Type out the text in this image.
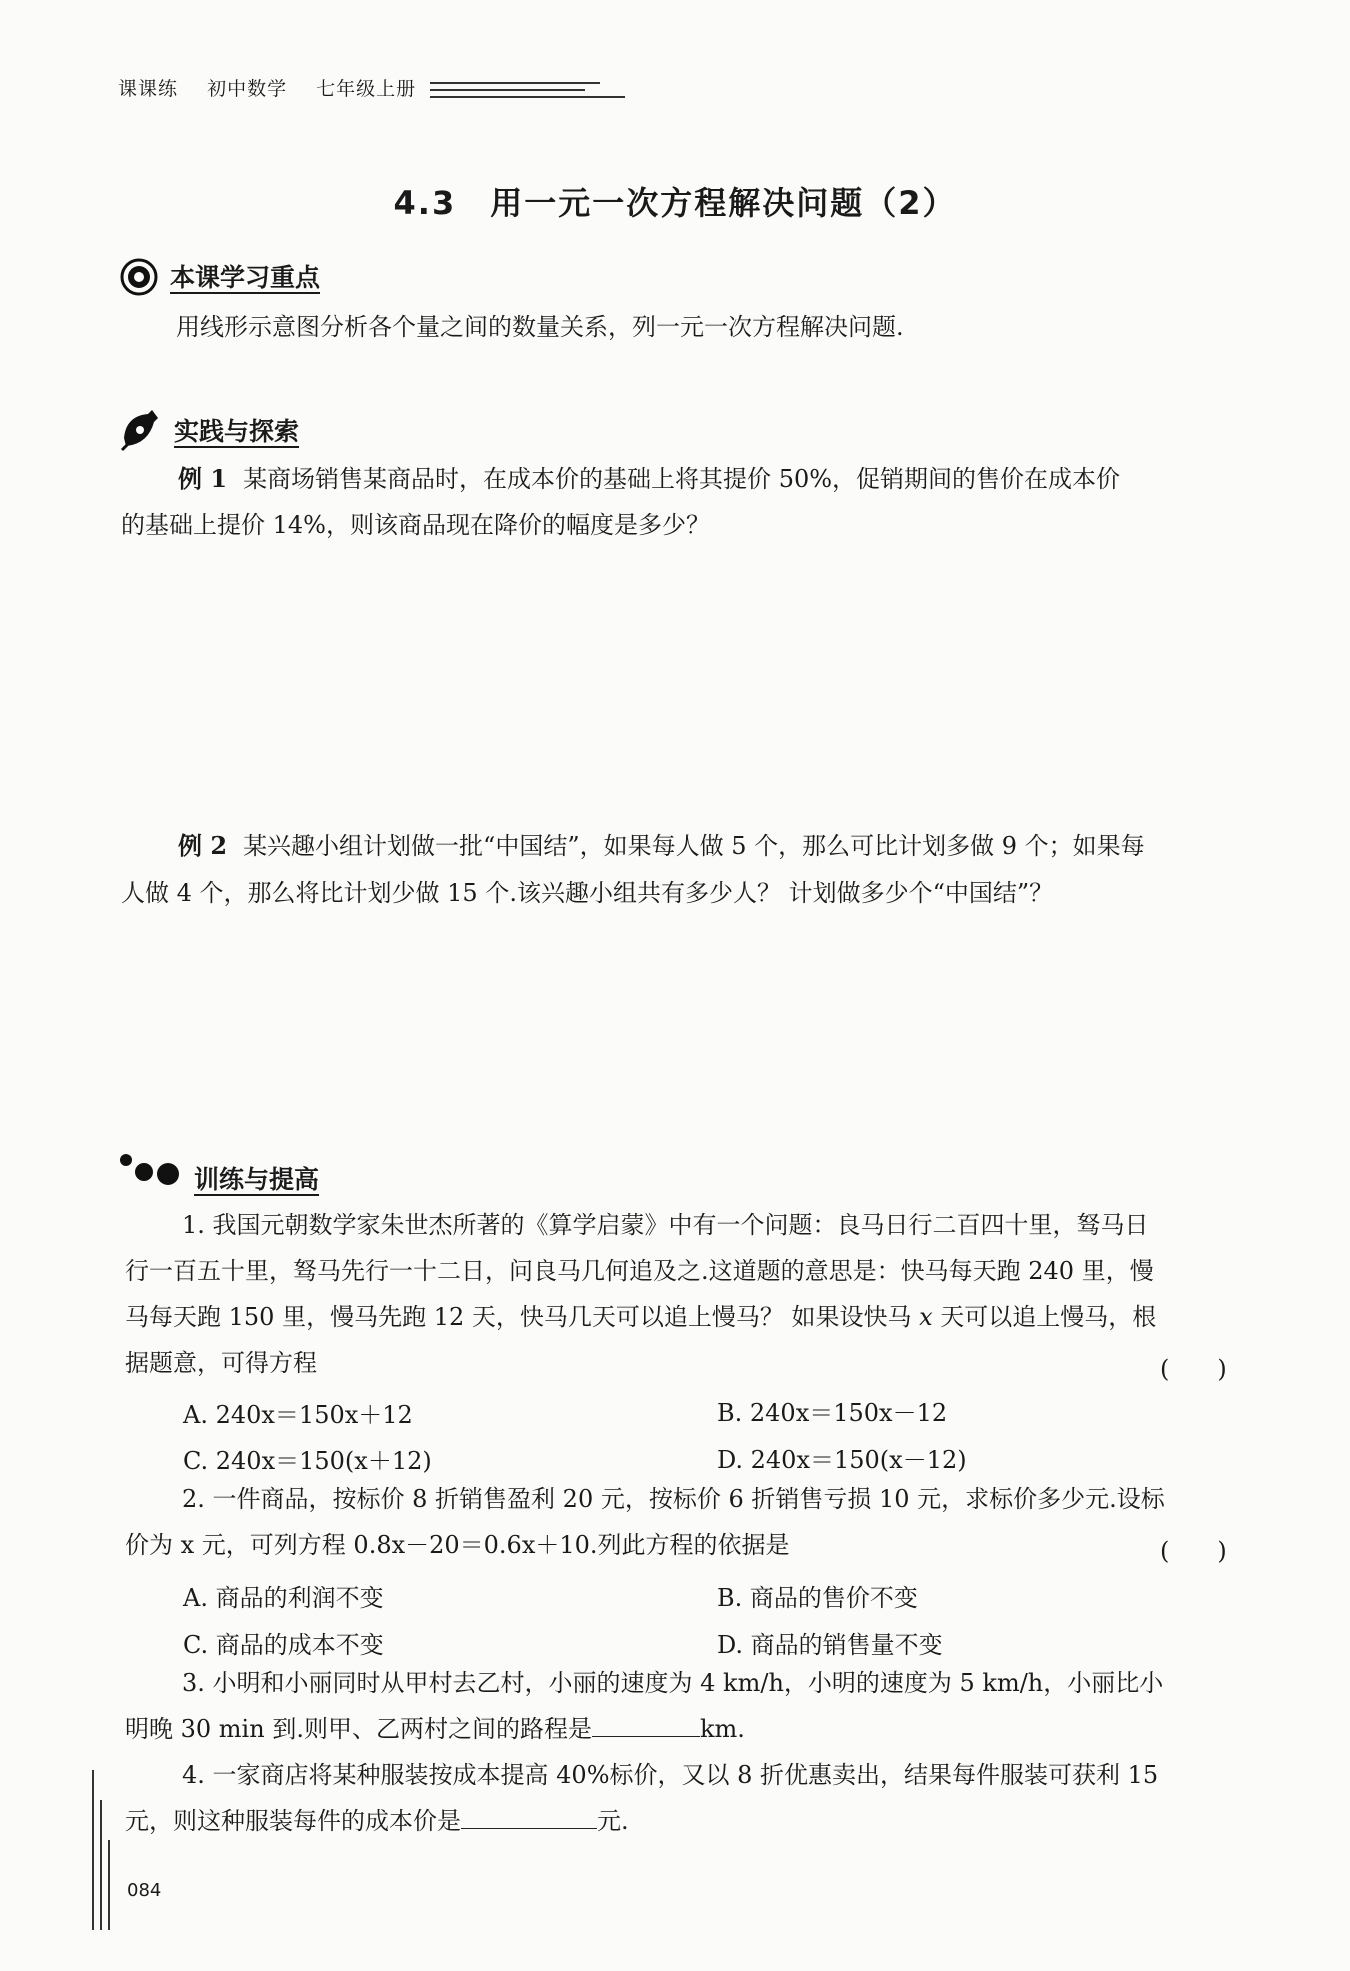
课课练 初中数学 七年级上册
4.3　用一元一次方程解决问题（2）
本课学习重点
用线形示意图分析各个量之间的数量关系，列一元一次方程解决问题.
实践与探索
例 1 某商场销售某商品时，在成本价的基础上将其提价 50%，促销期间的售价在成本价
的基础上提价 14%，则该商品现在降价的幅度是多少？
例 2 某兴趣小组计划做一批“中国结”，如果每人做 5 个，那么可比计划多做 9 个；如果每
人做 4 个，那么将比计划少做 15 个.该兴趣小组共有多少人？ 计划做多少个“中国结”？
训练与提高
1. 我国元朝数学家朱世杰所著的《算学启蒙》中有一个问题：良马日行二百四十里，驽马日
行一百五十里，驽马先行一十二日，问良马几何追及之.这道题的意思是：快马每天跑 240 里，慢
马每天跑 150 里，慢马先跑 12 天，快马几天可以追上慢马？ 如果设快马 x 天可以追上慢马，根
据题意，可得方程	(　　)
A. 240x＝150x＋12	B. 240x＝150x－12
C. 240x＝150(x＋12)	D. 240x＝150(x－12)
2. 一件商品，按标价 8 折销售盈利 20 元，按标价 6 折销售亏损 10 元，求标价多少元.设标
价为 x 元，可列方程 0.8x－20＝0.6x＋10.列此方程的依据是	(　　)
A. 商品的利润不变	B. 商品的售价不变
C. 商品的成本不变	D. 商品的销售量不变
3. 小明和小丽同时从甲村去乙村，小丽的速度为 4 km/h，小明的速度为 5 km/h，小丽比小
明晚 30 min 到.则甲、乙两村之间的路程是	km.
4. 一家商店将某种服装按成本提高 40%标价，又以 8 折优惠卖出，结果每件服装可获利 15
元，则这种服装每件的成本价是	元.
084
